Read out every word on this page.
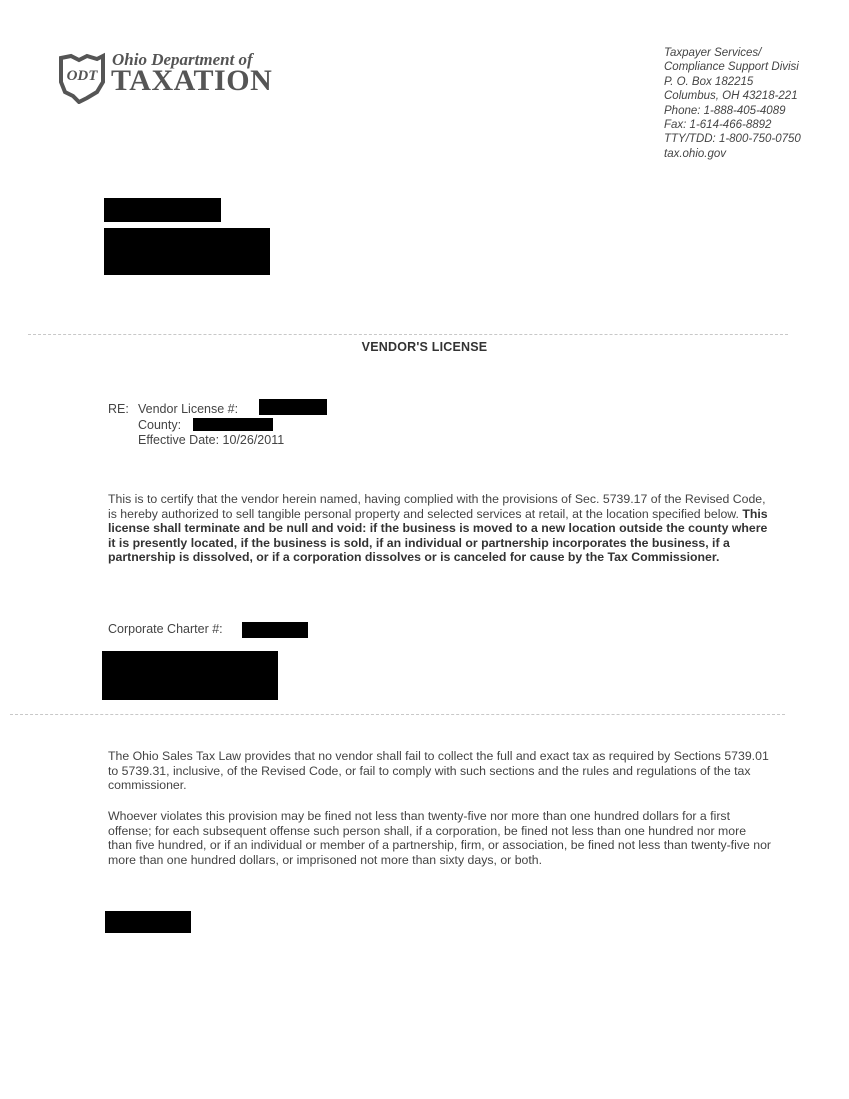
ODT
Ohio Department of
TAXATION
Taxpayer Services/
Compliance Support Divisi
P. O. Box 182215
Columbus, OH 43218-221
Phone: 1-888-405-4089
Fax: 1-614-466-8892
TTY/TDD: 1-800-750-0750
tax.ohio.gov
VENDOR'S LICENSE
RE: Vendor License #:
County:
Effective Date: 10/26/2011
This is to certify that the vendor herein named, having complied with the provisions of Sec. 5739.17 of the Revised Code, is hereby authorized to sell tangible personal property and selected services at retail, at the location specified below. This license shall terminate and be null and void: if the business is moved to a new location outside the county where it is presently located, if the business is sold, if an individual or partnership incorporates the business, if a partnership is dissolved, or if a corporation dissolves or is canceled for cause by the Tax Commissioner.
Corporate Charter #:
The Ohio Sales Tax Law provides that no vendor shall fail to collect the full and exact tax as required by Sections 5739.01 to 5739.31, inclusive, of the Revised Code, or fail to comply with such sections and the rules and regulations of the tax commissioner.
Whoever violates this provision may be fined not less than twenty-five nor more than one hundred dollars for a first offense; for each subsequent offense such person shall, if a corporation, be fined not less than one hundred nor more than five hundred, or if an individual or member of a partnership, firm, or association, be fined not less than twenty-five nor more than one hundred dollars, or imprisoned not more than sixty days, or both.
